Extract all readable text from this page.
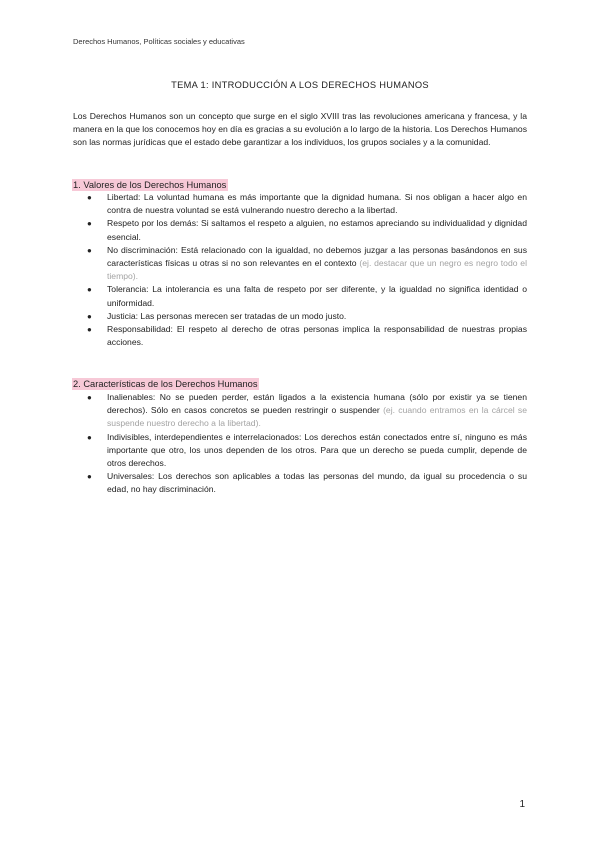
Derechos Humanos, Políticas sociales y educativas
TEMA 1: INTRODUCCIÓN A LOS DERECHOS HUMANOS

Los Derechos Humanos son un concepto que surge en el siglo XVIII tras las revoluciones americana y francesa, y la manera en la que los conocemos hoy en día es gracias a su evolución a lo largo de la historia. Los Derechos Humanos son las normas jurídicas que el estado debe garantizar a los individuos, los grupos sociales y a la comunidad.

1. Valores de los Derechos Humanos
● Libertad: La voluntad humana es más importante que la dignidad humana. Si nos obligan a hacer algo en contra de nuestra voluntad se está vulnerando nuestro derecho a la libertad.
● Respeto por los demás: Si saltamos el respeto a alguien, no estamos apreciando su individualidad y dignidad esencial.
● No discriminación: Está relacionado con la igualdad, no debemos juzgar a las personas basándonos en sus características físicas u otras si no son relevantes en el contexto (ej. destacar que un negro es negro todo el tiempo).
● Tolerancia: La intolerancia es una falta de respeto por ser diferente, y la igualdad no significa identidad o uniformidad.
● Justicia: Las personas merecen ser tratadas de un modo justo.
● Responsabilidad: El respeto al derecho de otras personas implica la responsabilidad de nuestras propias acciones.
2. Características de los Derechos Humanos
● Inalienables: No se pueden perder, están ligados a la existencia humana (sólo por existir ya se tienen derechos). Sólo en casos concretos se pueden restringir o suspender (ej. cuando entramos en la cárcel se suspende nuestro derecho a la libertad).
● Indivisibles, interdependientes e interrelacionados: Los derechos están conectados entre sí, ninguno es más importante que otro, los unos dependen de los otros. Para que un derecho se pueda cumplir, depende de otros derechos.
● Universales: Los derechos son aplicables a todas las personas del mundo, da igual su procedencia o su edad, no hay discriminación.
1
